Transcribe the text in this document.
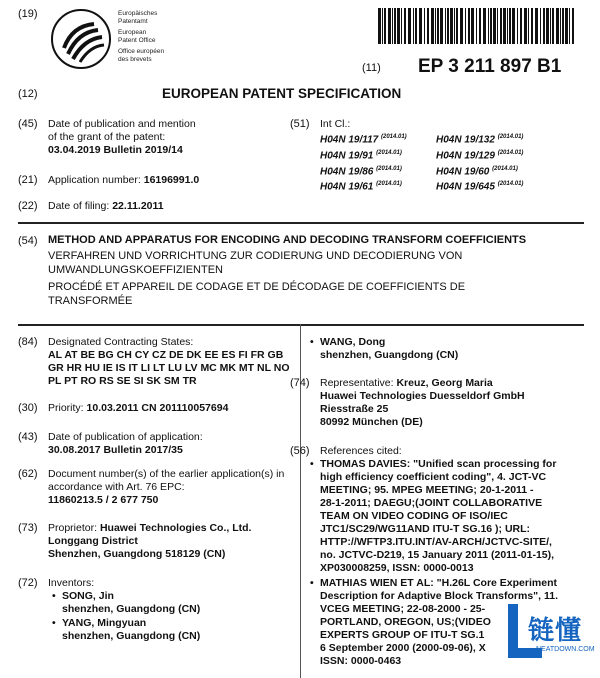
(19)	Europäisches
Patentamt
European
Patent Office
Office européen
des brevets
(11) EP 3 211 897 B1
(12)	EUROPEAN PATENT SPECIFICATION
(45) Date of publication and mention
of the grant of the patent:
03.04.2019 Bulletin 2019/14
(51) Int Cl.:
H04N 19/117 $^{(2014.01)}$
H04N 19/91 $^{(2014.01)}$
H04N 19/86 $^{(2014.01)}$
H04N 19/61 $^{(2014.01)}$
H04N 19/132 $^{(2014.01)}$
H04N 19/129 $^{(2014.01)}$
H04N 19/60 $^{(2014.01)}$
H04N 19/645 $^{(2014.01)}$
(21) Application number: 16196991.0
(22) Date of filing: 22.11.2011
(54) METHOD AND APPARATUS FOR ENCODING AND DECODING TRANSFORM COEFFICIENTS
VERFAHREN UND VORRICHTUNG ZUR CODIERUNG UND DECODIERUNG VON
UMWANDLUNGSKOEFFIZIENTEN
PROCÉDÉ ET APPAREIL DE CODAGE ET DE DÉCODAGE DE COEFFICIENTS DE
TRANSFORMÉE
(84) Designated Contracting States:
AL AT BE BG CH CY CZ DE DK EE ES FI FR GB
GR HR HU IE IS IT LI LT LU LV MC MK MT NL NO
PL PT RO RS SE SI SK SM TR
(30) Priority: 10.03.2011 CN 201110057694
(43) Date of publication of application:
30.08.2017 Bulletin 2017/35
(62) Document number(s) of the earlier application(s) in
accordance with Art. 76 EPC:
11860213.5 / 2 677 750
(73) Proprietor: Huawei Technologies Co., Ltd.
Longgang District
Shenzhen, Guangdong 518129 (CN)
(72) Inventors:
• SONG, Jin
shenzhen, Guangdong (CN)
• YANG, Mingyuan
shenzhen, Guangdong (CN)
• WANG, Dong
shenzhen, Guangdong (CN)
(74) Representative: Kreuz, Georg Maria
Huawei Technologies Duesseldorf GmbH
Riesstraße 25
80992 München (DE)
(56) References cited:
• THOMAS DAVIES: "Unified scan processing for
high efficiency coefficient coding", 4. JCT-VC
MEETING; 95. MPEG MEETING; 20-1-2011 -
28-1-2011; DAEGU;(JOINT COLLABORATIVE
TEAM ON VIDEO CODING OF ISO/IEC
JTC1/SC29/WG11AND ITU-T SG.16 ); URL:
HTTP://WFTP3.ITU.INT/AV-ARCH/JCTVC-SITE/,
no. JCTVC-D219, 15 January 2011 (2011-01-15),
XP030008259, ISSN: 0000-0013
• MATHIAS WIEN ET AL: "H.26L Core Experiment
Description for Adaptive Block Transforms", 11.
VCEG MEETING; 22-08-2000 - 25-
PORTLAND, OREGON, US;(VIDEO
EXPERTS GROUP OF ITU-T SG.1
6 September 2000 (2000-09-06), X
ISSN: 0000-0463
链懂
NEATDOWN.COM
